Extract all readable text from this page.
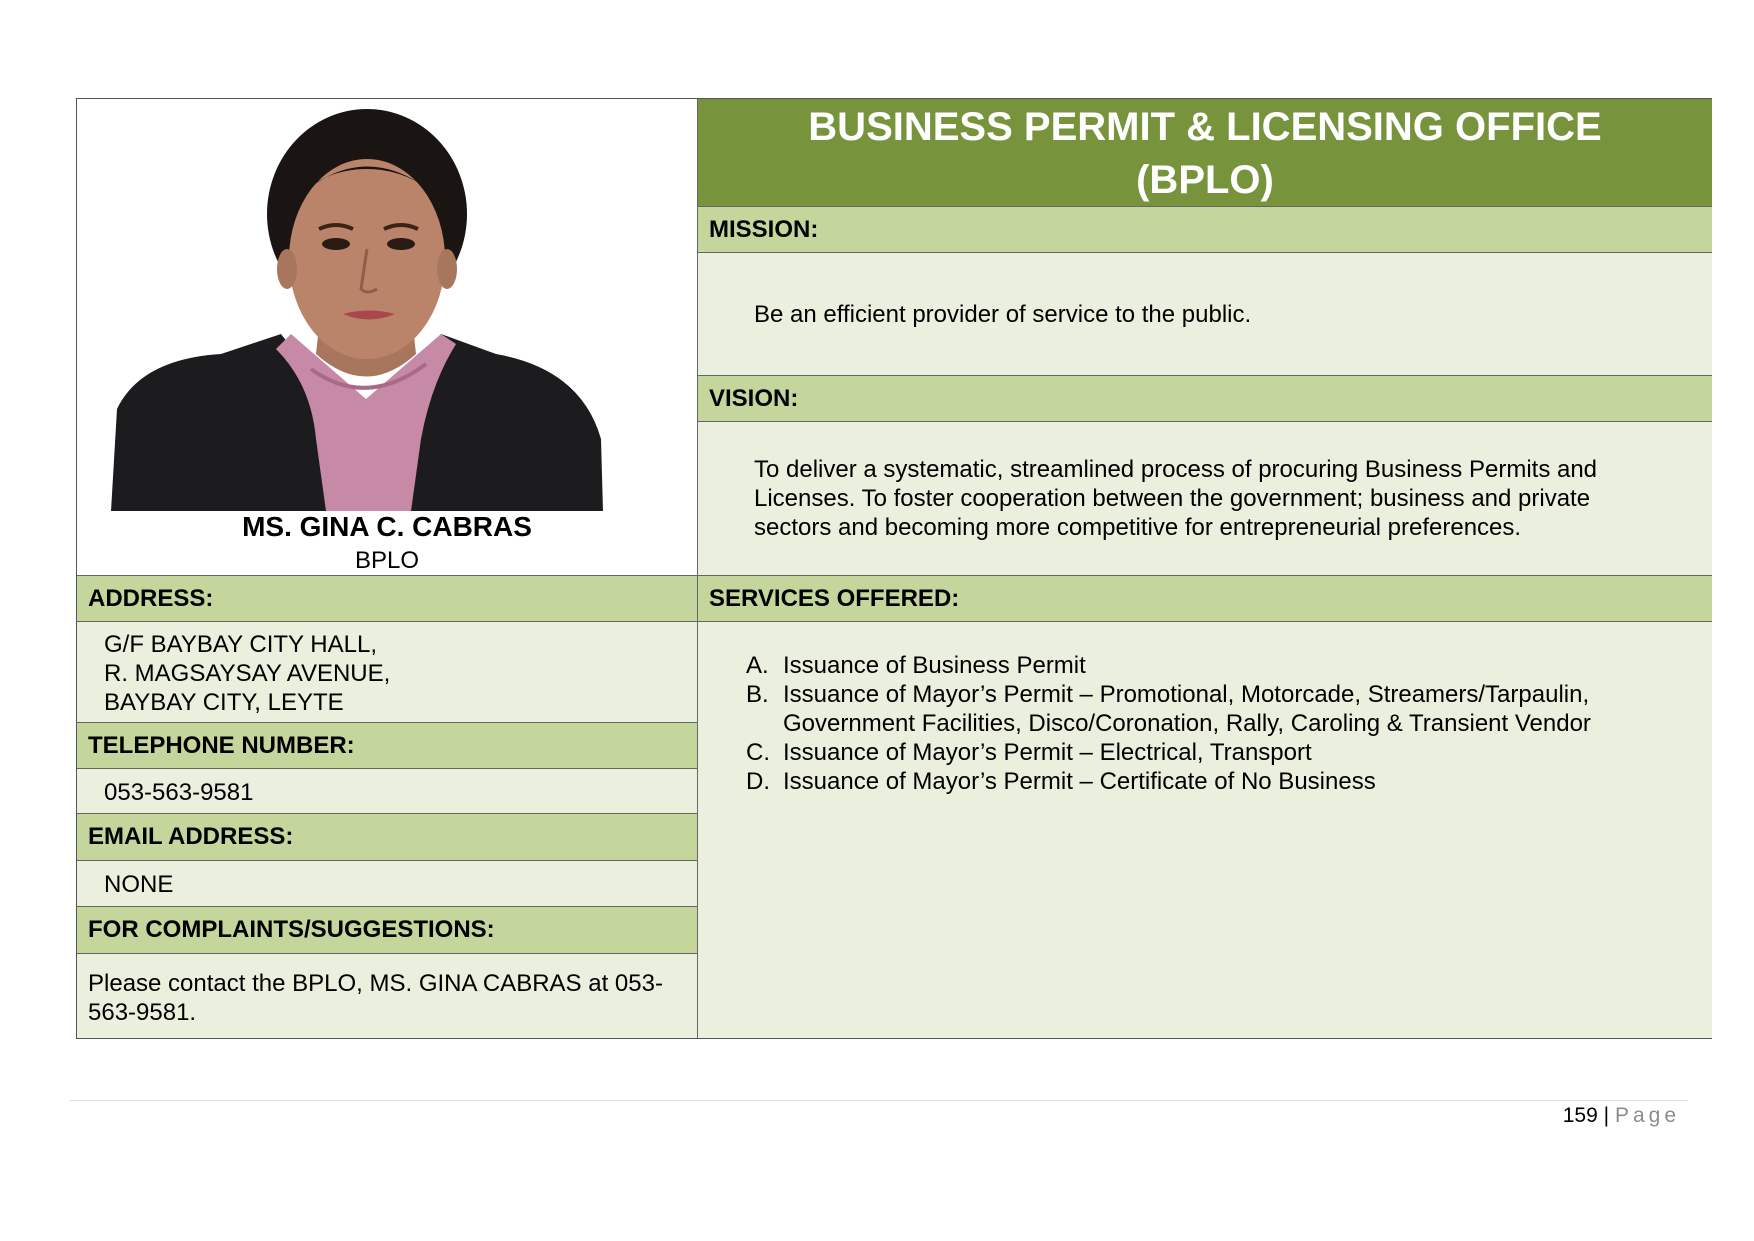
MS. GINA C. CABRAS
BPLO
BUSINESS PERMIT & LICENSING OFFICE
(BPLO)
MISSION:
Be an efficient provider of service to the public.
VISION:
To deliver a systematic, streamlined process of procuring Business Permits and Licenses. To foster cooperation between the government; business and private sectors and becoming more competitive for entrepreneurial preferences.
ADDRESS:
G/F BAYBAY CITY HALL,
R. MAGSAYSAY AVENUE,
BAYBAY CITY, LEYTE
TELEPHONE NUMBER:
053-563-9581
EMAIL ADDRESS:
NONE
FOR COMPLAINTS/SUGGESTIONS:
Please contact the BPLO, MS. GINA CABRAS at 053-563-9581.
SERVICES OFFERED:
A. Issuance of Business Permit
B. Issuance of Mayor’s Permit – Promotional, Motorcade, Streamers/Tarpaulin, Government Facilities, Disco/Coronation, Rally, Caroling & Transient Vendor
C. Issuance of Mayor’s Permit – Electrical, Transport
D. Issuance of Mayor’s Permit – Certificate of No Business
159 | Page
